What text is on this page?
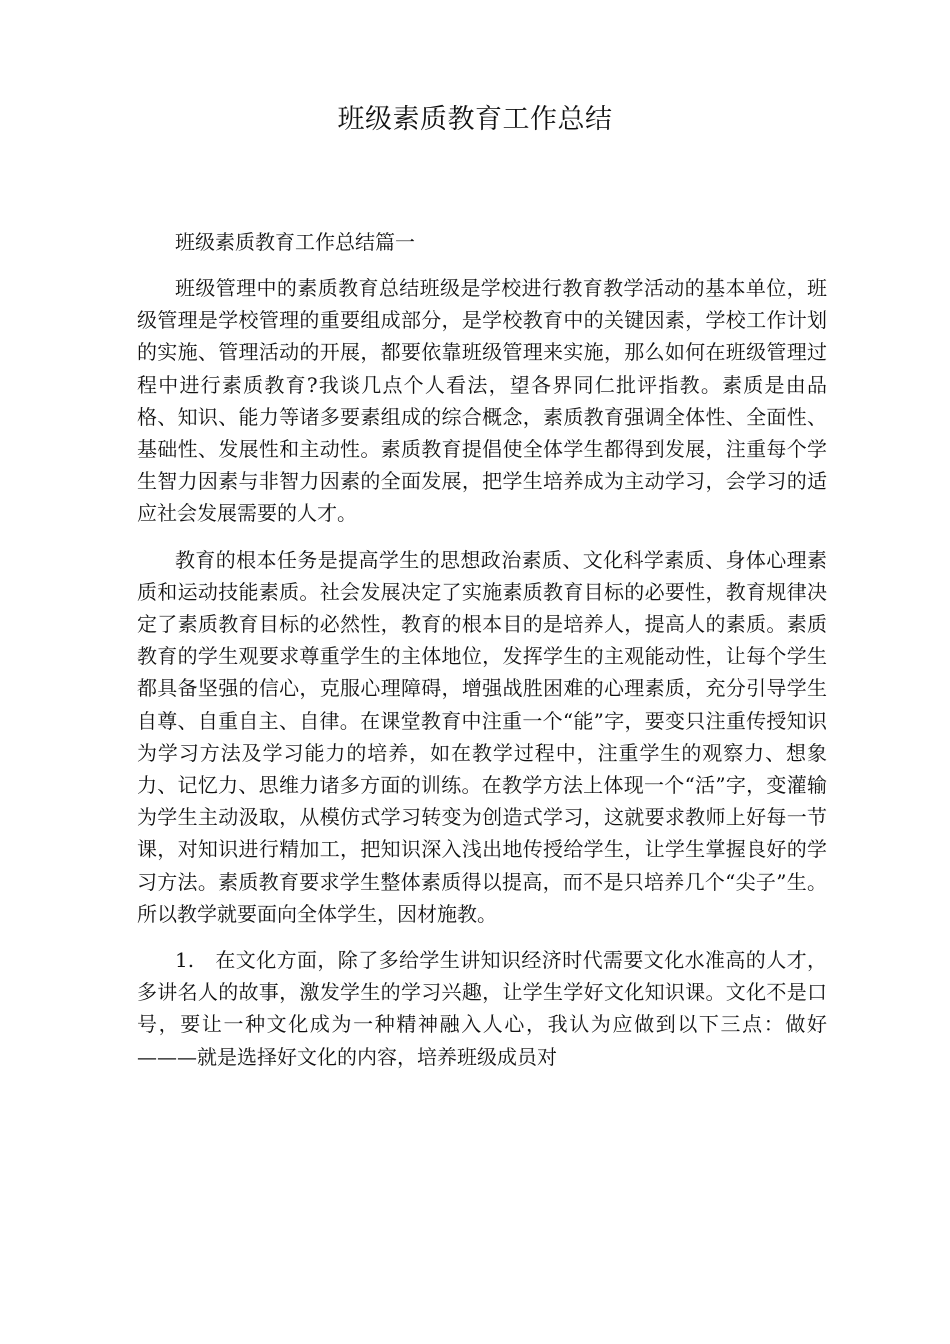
班级素质教育工作总结

班级素质教育工作总结篇一

班级管理中的素质教育总结班级是学校进行教育教学活动的基本单位，班级管理是学校管理的重要组成部分，是学校教育中的关键因素，学校工作计划的实施、管理活动的开展，都要依靠班级管理来实施，那么如何在班级管理过程中进行素质教育?我谈几点个人看法，望各界同仁批评指教。素质是由品格、知识、能力等诸多要素组成的综合概念，素质教育强调全体性、全面性、基础性、发展性和主动性。素质教育提倡使全体学生都得到发展，注重每个学生智力因素与非智力因素的全面发展，把学生培养成为主动学习，会学习的适应社会发展需要的人才。

教育的根本任务是提高学生的思想政治素质、文化科学素质、身体心理素质和运动技能素质。社会发展决定了实施素质教育目标的必要性，教育规律决定了素质教育目标的必然性，教育的根本目的是培养人，提高人的素质。素质教育的学生观要求尊重学生的主体地位，发挥学生的主观能动性，让每个学生都具备坚强的信心，克服心理障碍，增强战胜困难的心理素质，充分引导学生自尊、自重自主、自律。在课堂教育中注重一个“能”字，要变只注重传授知识为学习方法及学习能力的培养，如在教学过程中，注重学生的观察力、想象力、记忆力、思维力诸多方面的训练。在教学方法上体现一个“活”字，变灌输为学生主动汲取，从模仿式学习转变为创造式学习，这就要求教师上好每一节课，对知识进行精加工，把知识深入浅出地传授给学生，让学生掌握良好的学习方法。素质教育要求学生整体素质得以提高，而不是只培养几个“尖子”生。所以教学就要面向全体学生，因材施教。

1. 在文化方面，除了多给学生讲知识经济时代需要文化水准高的人才，多讲名人的故事，激发学生的学习兴趣，让学生学好文化知识课。文化不是口号，要让一种文化成为一种精神融入人心，我认为应做到以下三点：做好———就是选择好文化的内容，培养班级成员对
